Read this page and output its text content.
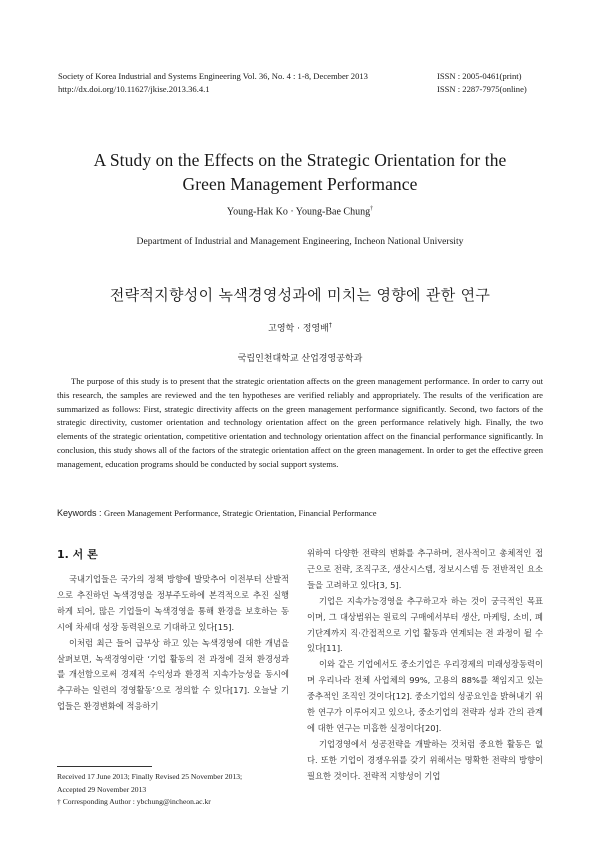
Society of Korea Industrial and Systems Engineering Vol. 36, No. 4 : 1-8, December 2013
http://dx.doi.org/10.11627/jkise.2013.36.4.1
ISSN : 2005-0461(print)
ISSN : 2287-7975(online)
A Study on the Effects on the Strategic Orientation for the
Green Management Performance
Young-Hak Ko · Young-Bae Chung†
Department of Industrial and Management Engineering, Incheon National University
전략적지향성이 녹색경영성과에 미치는 영향에 관한 연구
고영학 · 정영배†
국립인천대학교 산업경영공학과

The purpose of this study is to present that the strategic orientation affects on the green management performance. In order to carry out this research, the samples are reviewed and the ten hypotheses are verified reliably and appropriately. The results of the verification are summarized as follows: First, strategic directivity affects on the green management performance significantly. Second, two factors of the strategic directivity, customer orientation and technology orientation affect on the green performance relatively high. Finally, the two elements of the strategic orientation, competitive orientation and technology orientation affect on the financial performance significantly. In conclusion, this study shows all of the factors of the strategic orientation affect on the green management. In order to get the effective green management, education programs should be conducted by social support systems.

Keywords : Green Management Performance, Strategic Orientation, Financial Performance
1. 서 론

국내기업들은 국가의 정책 방향에 발맞추어 이전부터 산발적으로 추진하던 녹색경영을 정부주도하에 본격적으로 추진 실행하게 되어, 많은 기업들이 녹색경영을 통해 환경을 보호하는 동시에 차세대 성장 동력원으로 기대하고 있다[15].

이처럼 최근 들어 급부상 하고 있는 녹색경영에 대한 개념을 살펴보면, 녹색경영이란 ‘기업 활동의 전 과정에 걸쳐 환경성과를 개선함으로써 경제적 수익성과 환경적 지속가능성을 동시에 추구하는 일련의 경영활동’으로 정의할 수 있다[17]. 오늘날 기업들은 환경변화에 적응하기

위하여 다양한 전략의 변화를 추구하며, 전사적이고 총체적인 접근으로 전략, 조직구조, 생산시스템, 정보시스템 등 전반적인 요소들을 고려하고 있다[3, 5].

기업은 지속가능경영을 추구하고자 하는 것이 궁극적인 목표이며, 그 대상범위는 원료의 구매에서부터 생산, 마케팅, 소비, 폐기단계까지 직·간접적으로 기업 활동과 연계되는 전 과정이 될 수 있다[11].

이와 같은 기업에서도 중소기업은 우리경제의 미래성장동력이며 우리나라 전체 사업체의 99%, 고용의 88%를 책임지고 있는 중추적인 조직인 것이다[12]. 중소기업의 성공요인을 밝혀내기 위한 연구가 이루어지고 있으나, 중소기업의 전략과 성과 간의 관계에 대한 연구는 미흡한 실정이다[20].

기업경영에서 성공전략을 개발하는 것처럼 중요한 활동은 없다. 또한 기업이 경쟁우위를 갖기 위해서는 명확한 전략의 방향이 필요한 것이다. 전략적 지향성이 기업

Received 17 June 2013; Finally Revised 25 November 2013;
Accepted 29 November 2013
† Corresponding Author : ybchung@incheon.ac.kr
